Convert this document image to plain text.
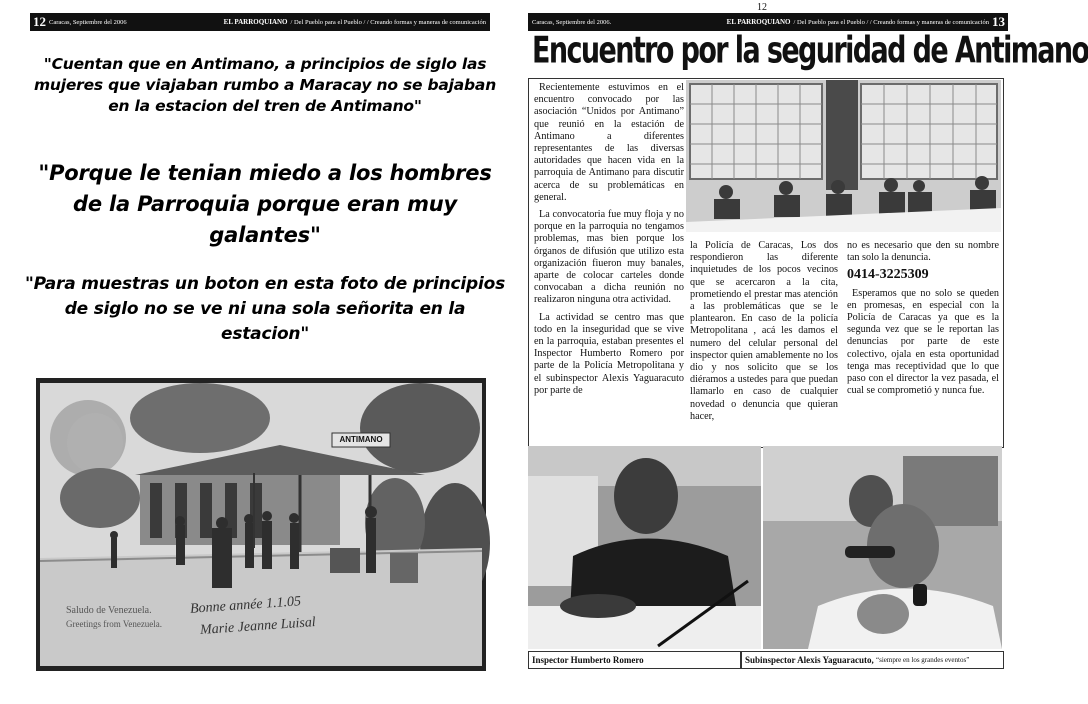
12
12 Caracas, Septiembre del 2006	EL PARROQUIANO / Del Pueblo para el Pueblo / / Creando formas y maneras de comunicación	Caracas, Septiembre del 2006.	EL PARROQUIANO / Del Pueblo para el Pueblo / / Creando formas y maneras de comunicación 13
"Cuentan que en Antimano, a principios de siglo las mujeres que viajaban rumbo a Maracay no se bajaban en la estacion del tren de Antimano"
"Porque le tenian miedo a los hombres de la Parroquia porque eran muy galantes"
"Para muestras un boton en esta foto de principios de siglo no se ve ni una sola señorita en la estacion"
ANTIMANO
Saludo de Venezuela.
Greetings from Venezuela.
Bonne année 1.1.05
Marie Jeanne Luisal
Encuentro por la seguridad de Antimano

Recientemente estuvimos en el encuentro convocado por las asociación “Unidos por Antimano” que reunió en la estación de Antimano a diferentes representantes de las diversas autoridades que hacen vida en la parroquia de Antimano para discutir acerca de su problemáticas en general.

La convocatoria fue muy floja y no porque en la parroquia no tengamos problemas, mas bien porque los órganos de difusión que utilizo esta organización fiueron muy banales, aparte de colocar carteles donde convocaban a dicha reunión no realizaron ninguna otra actividad.

La actividad se centro mas que todo en la inseguridad que se vive en la parroquia, estaban presentes el Inspector Humberto Romero por parte de la Policía Metropolitana y el subinspector Alexis Yaguaracuto por parte de

la Policía de Caracas, Los dos respondieron las diferente inquietudes de los pocos vecinos que se acercaron a la cita, prometiendo el prestar mas atención a las problemáticas que se le plantearon. En caso de la policía Metropolitana , acá les damos el numero del celular personal del inspector quien amablemente no los dio y nos solicito que se los diéramos a ustedes para que puedan llamarlo en caso de cualquier novedad o denuncia que quieran hacer,

no es necesario que den su nombre tan solo la denuncia.

0414-3225309

Esperamos que no solo se queden en promesas, en especial con la Policía de Caracas ya que es la segunda vez que se le reportan las denuncias por parte de este colectivo, ojala en esta oportunidad tenga mas receptividad que lo que paso con el director la vez pasada, el cual se comprometió y nunca fue.

Inspector Humberto Romero	Subinspector Alexis Yaguaracuto,
“siempre en los grandes eventos”
